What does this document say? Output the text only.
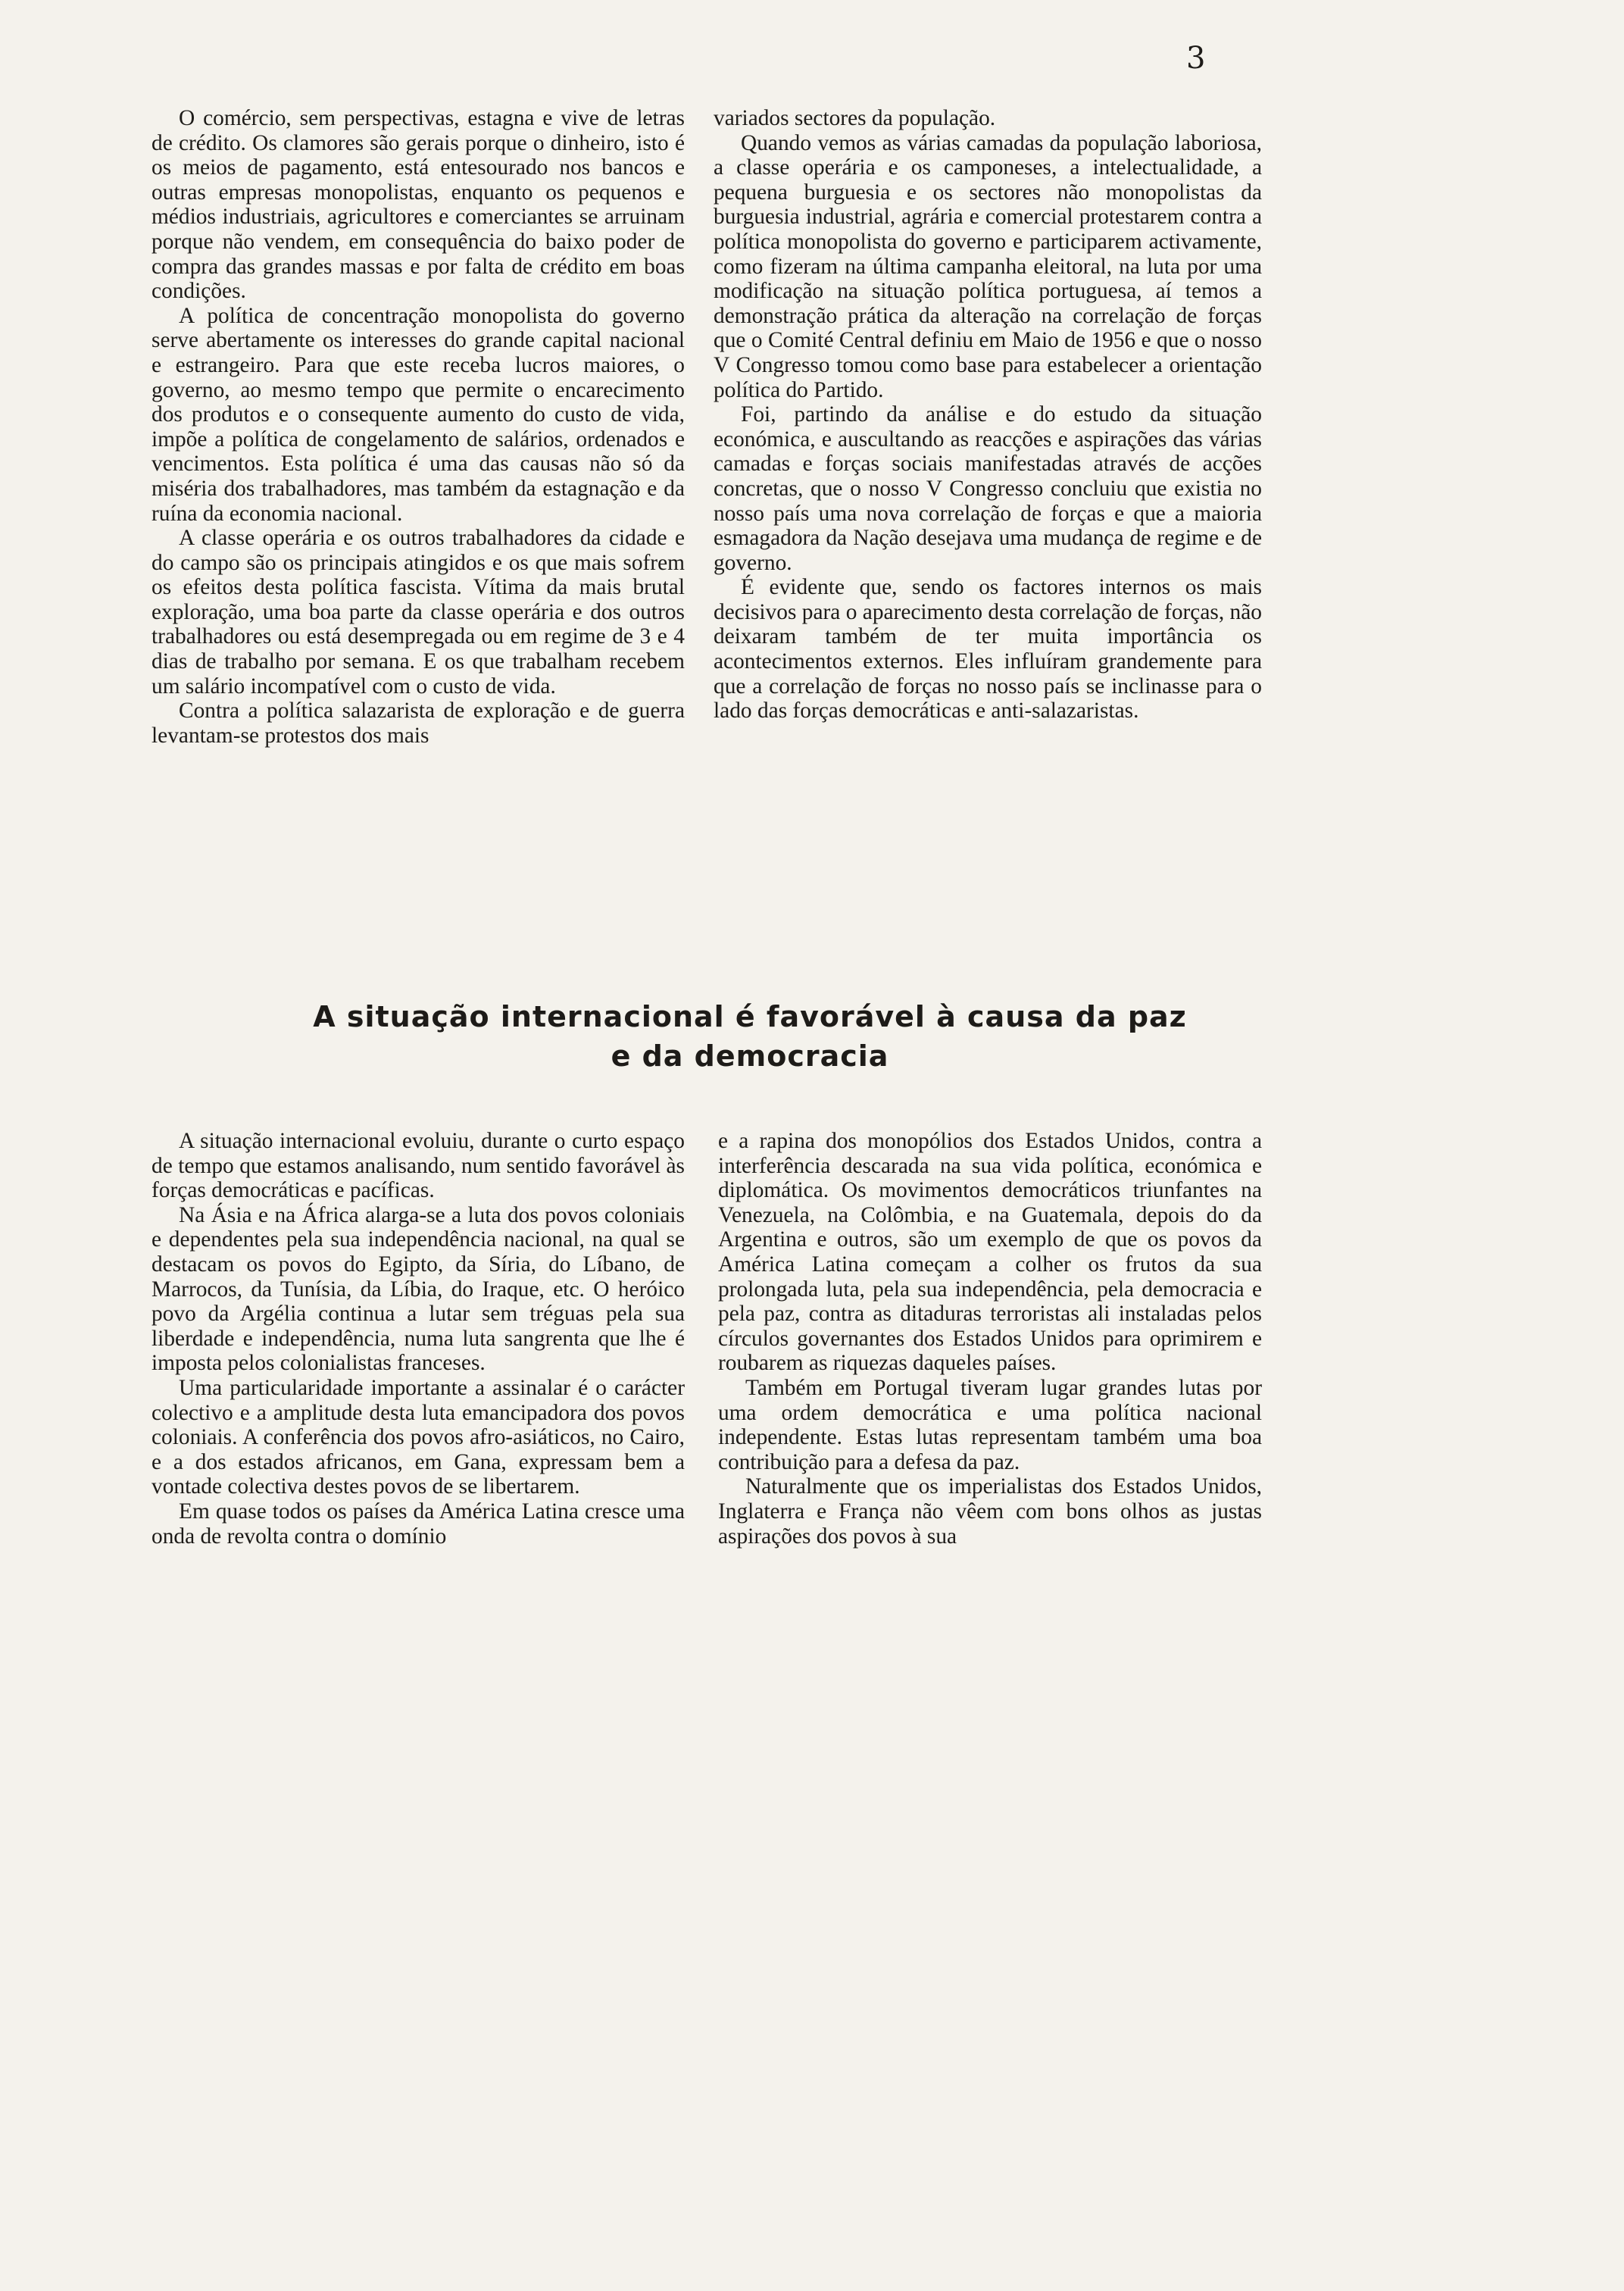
3

O comércio, sem perspectivas, estagna e vive de letras de crédito. Os clamores são gerais porque o dinheiro, isto é os meios de pagamento, está entesourado nos bancos e outras empresas monopolistas, enquanto os pequenos e médios industriais, agricultores e comerciantes se arruinam porque não vendem, em consequência do baixo poder de compra das grandes massas e por falta de crédito em boas condições.

A política de concentração monopolista do governo serve abertamente os interesses do grande capital nacional e estrangeiro. Para que este receba lucros maiores, o governo, ao mesmo tempo que permite o encarecimento dos produtos e o consequente aumento do custo de vida, impõe a política de congelamento de salários, ordenados e vencimentos. Esta política é uma das causas não só da miséria dos trabalhadores, mas também da estagnação e da ruína da economia nacional.

A classe operária e os outros trabalhadores da cidade e do campo são os principais atingidos e os que mais sofrem os efeitos desta política fascista. Vítima da mais brutal exploração, uma boa parte da classe operária e dos outros trabalhadores ou está desempregada ou em regime de 3 e 4 dias de trabalho por semana. E os que trabalham recebem um salário incompatível com o custo de vida.

Contra a política salazarista de exploração e de guerra levantam-se protestos dos mais

variados sectores da população.

Quando vemos as várias camadas da população laboriosa, a classe operária e os camponeses, a intelectualidade, a pequena burguesia e os sectores não monopolistas da burguesia industrial, agrária e comercial protestarem contra a política monopolista do governo e participarem activamente, como fizeram na última campanha eleitoral, na luta por uma modificação na situação política portuguesa, aí temos a demonstração prática da alteração na correlação de forças que o Comité Central definiu em Maio de 1956 e que o nosso V Congresso tomou como base para estabelecer a orientação política do Partido.

Foi, partindo da análise e do estudo da situação económica, e auscultando as reacções e aspirações das várias camadas e forças sociais manifestadas através de acções concretas, que o nosso V Congresso concluiu que existia no nosso país uma nova correlação de forças e que a maioria esmagadora da Nação desejava uma mudança de regime e de governo.

É evidente que, sendo os factores internos os mais decisivos para o aparecimento desta correlação de forças, não deixaram também de ter muita importância os acontecimentos externos. Eles influíram grandemente para que a correlação de forças no nosso país se inclinasse para o lado das forças democráticas e anti-salazaristas.

A situação internacional é favorável à causa da paz
e da democracia

A situação internacional evoluiu, durante o curto espaço de tempo que estamos analisando, num sentido favorável às forças democráticas e pacíficas.

Na Ásia e na África alarga-se a luta dos povos coloniais e dependentes pela sua independência nacional, na qual se destacam os povos do Egipto, da Síria, do Líbano, de Marrocos, da Tunísia, da Líbia, do Iraque, etc. O heróico povo da Argélia continua a lutar sem tréguas pela sua liberdade e independência, numa luta sangrenta que lhe é imposta pelos colonialistas franceses.

Uma particularidade importante a assinalar é o carácter colectivo e a amplitude desta luta emancipadora dos povos coloniais. A conferência dos povos afro-asiáticos, no Cairo, e a dos estados africanos, em Gana, expressam bem a vontade colectiva destes povos de se libertarem.

Em quase todos os países da América Latina cresce uma onda de revolta contra o domínio

e a rapina dos monopólios dos Estados Unidos, contra a interferência descarada na sua vida política, económica e diplomática. Os movimentos democráticos triunfantes na Venezuela, na Colômbia, e na Guatemala, depois do da Argentina e outros, são um exemplo de que os povos da América Latina começam a colher os frutos da sua prolongada luta, pela sua independência, pela democracia e pela paz, contra as ditaduras terroristas ali instaladas pelos círculos governantes dos Estados Unidos para oprimirem e roubarem as riquezas daqueles países.

Também em Portugal tiveram lugar grandes lutas por uma ordem democrática e uma política nacional independente. Estas lutas representam também uma boa contribuição para a defesa da paz.

Naturalmente que os imperialistas dos Estados Unidos, Inglaterra e França não vêem com bons olhos as justas aspirações dos povos à sua
